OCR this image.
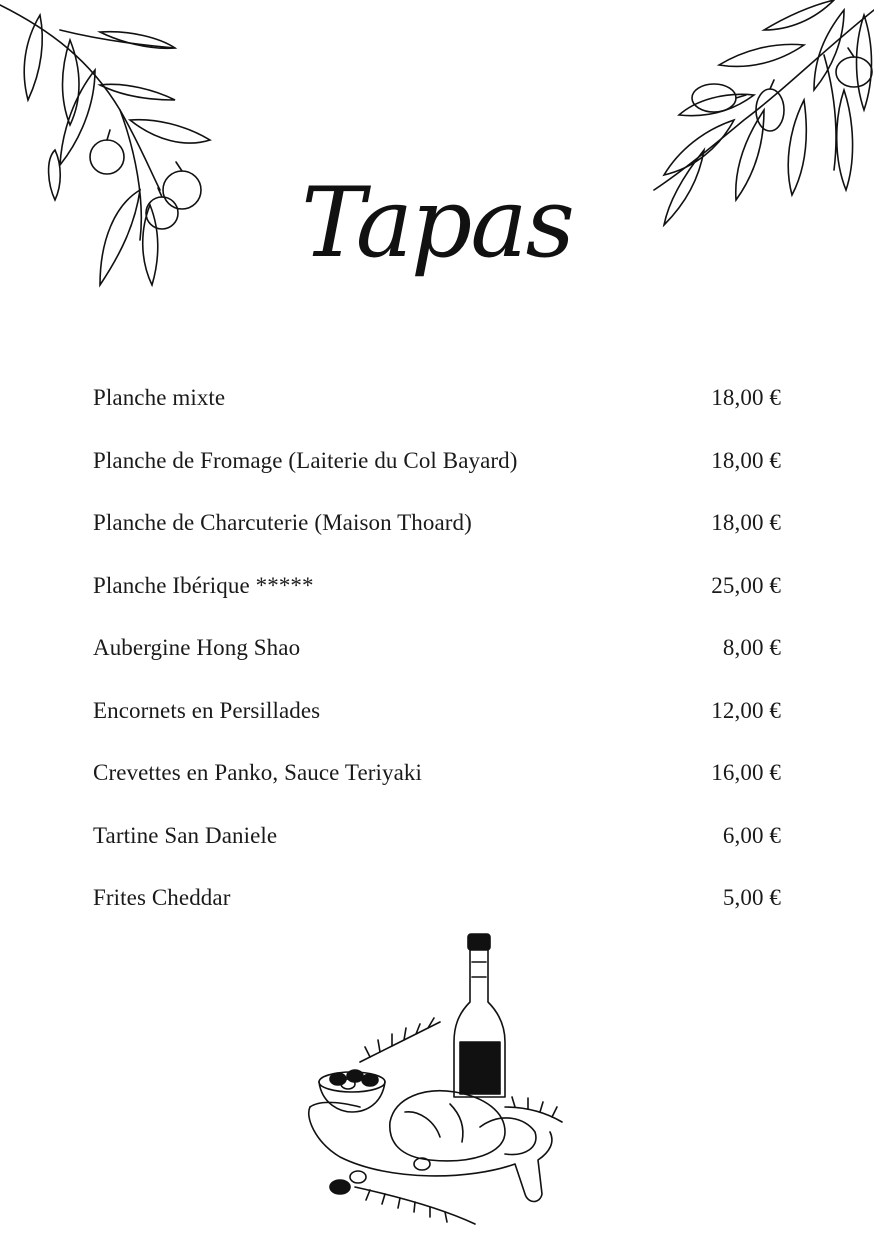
Tapas
Planche mixte	18,00 €
Planche de Fromage (Laiterie du Col Bayard)	18,00 €
Planche de Charcuterie (Maison Thoard)	18,00 €
Planche Ibérique *****	25,00 €
Aubergine Hong Shao	8,00 €
Encornets en Persillades	12,00 €
Crevettes en Panko, Sauce Teriyaki	16,00 €
Tartine San Daniele	6,00 €
Frites Cheddar	5,00 €
